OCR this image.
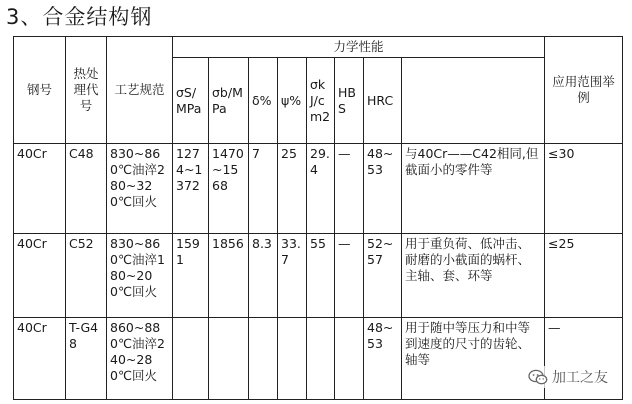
3、合金结构钢
钢号	热处理代号	工艺规范	力学性能								应用范围举例	
			σS/MPa	σb/MPa	δ%	ψ%	σkJ/cm2	HBS	HRC			
40Cr	C48	830~860℃油淬280~320℃回火	1274~1372	1470~1568	7	25	29.4	—	48~53	与40Cr——C42相同,但截面小的零件等	≤30	
40Cr	C52	830~860℃油淬180~200℃回火	1591	1856	8.3	33.7	55	—	52~57	用于重负荷、低冲击、耐磨的小截面的蜗杆、主轴、套、环等	≤25	
40Cr	T-G48	860~880℃油淬240~280℃回火							48~53	用于随中等压力和中等到速度的尺寸的齿轮、轴等	—	
加工之友
